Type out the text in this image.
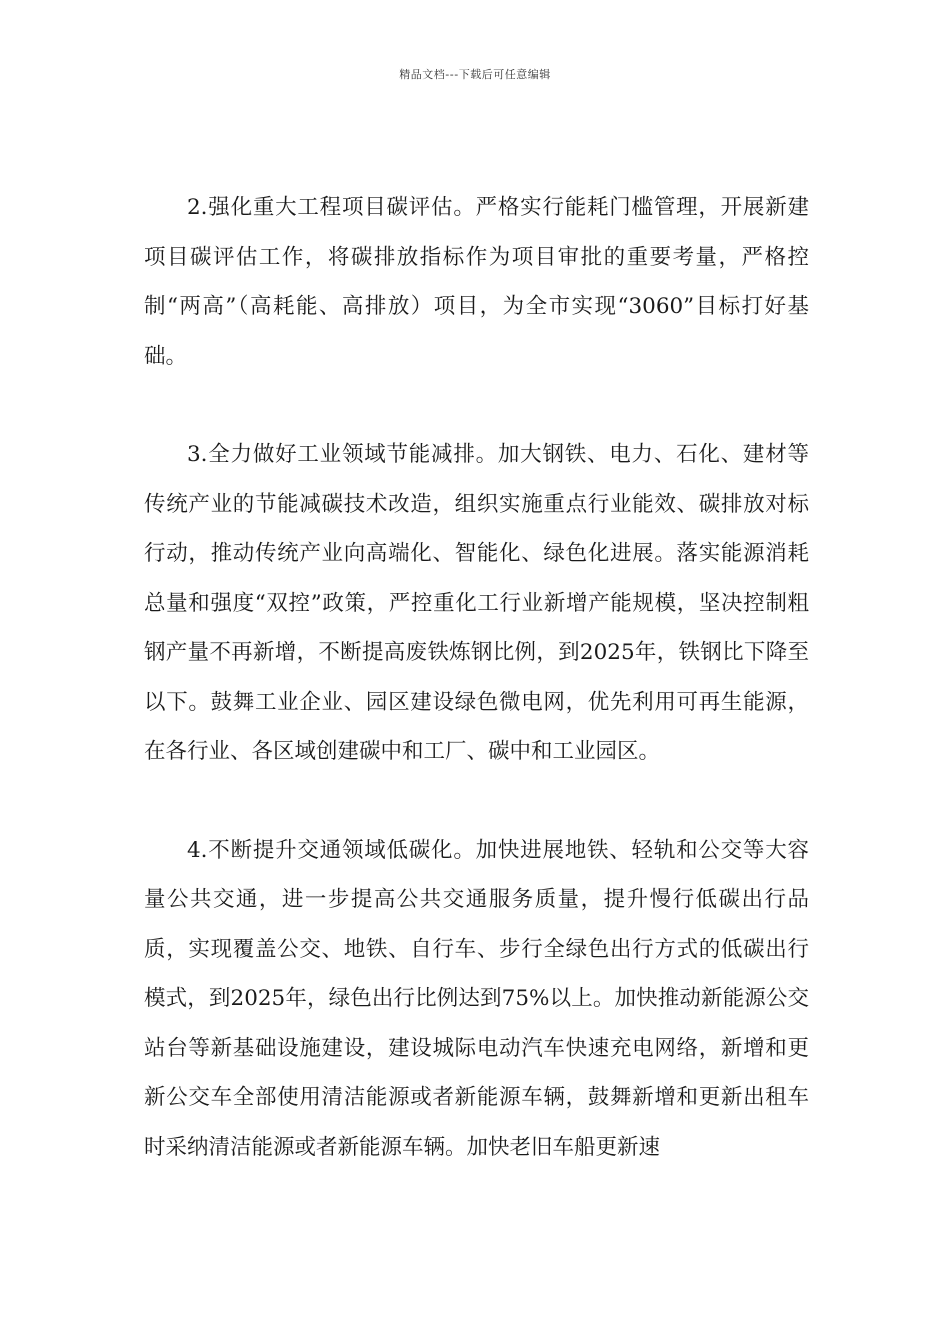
精品文档---下载后可任意编辑

2.强化重大工程项目碳评估。严格实行能耗门槛管理，开展新建项目碳评估工作，将碳排放指标作为项目审批的重要考量，严格控制“两高”（高耗能、高排放）项目，为全市实现“3060”目标打好基础。

3.全力做好工业领域节能减排。加大钢铁、电力、石化、建材等传统产业的节能减碳技术改造，组织实施重点行业能效、碳排放对标行动，推动传统产业向高端化、智能化、绿色化进展。落实能源消耗总量和强度“双控”政策，严控重化工行业新增产能规模，坚决控制粗钢产量不再新增，不断提高废铁炼钢比例，到2025年，铁钢比下降至以下。鼓舞工业企业、园区建设绿色微电网，优先利用可再生能源，在各行业、各区域创建碳中和工厂、碳中和工业园区。

4.不断提升交通领域低碳化。加快进展地铁、轻轨和公交等大容量公共交通，进一步提高公共交通服务质量，提升慢行低碳出行品质，实现覆盖公交、地铁、自行车、步行全绿色出行方式的低碳出行模式，到2025年，绿色出行比例达到75%以上。加快推动新能源公交站台等新基础设施建设，建设城际电动汽车快速充电网络，新增和更新公交车全部使用清洁能源或者新能源车辆，鼓舞新增和更新出租车时采纳清洁能源或者新能源车辆。加快老旧车船更新速
